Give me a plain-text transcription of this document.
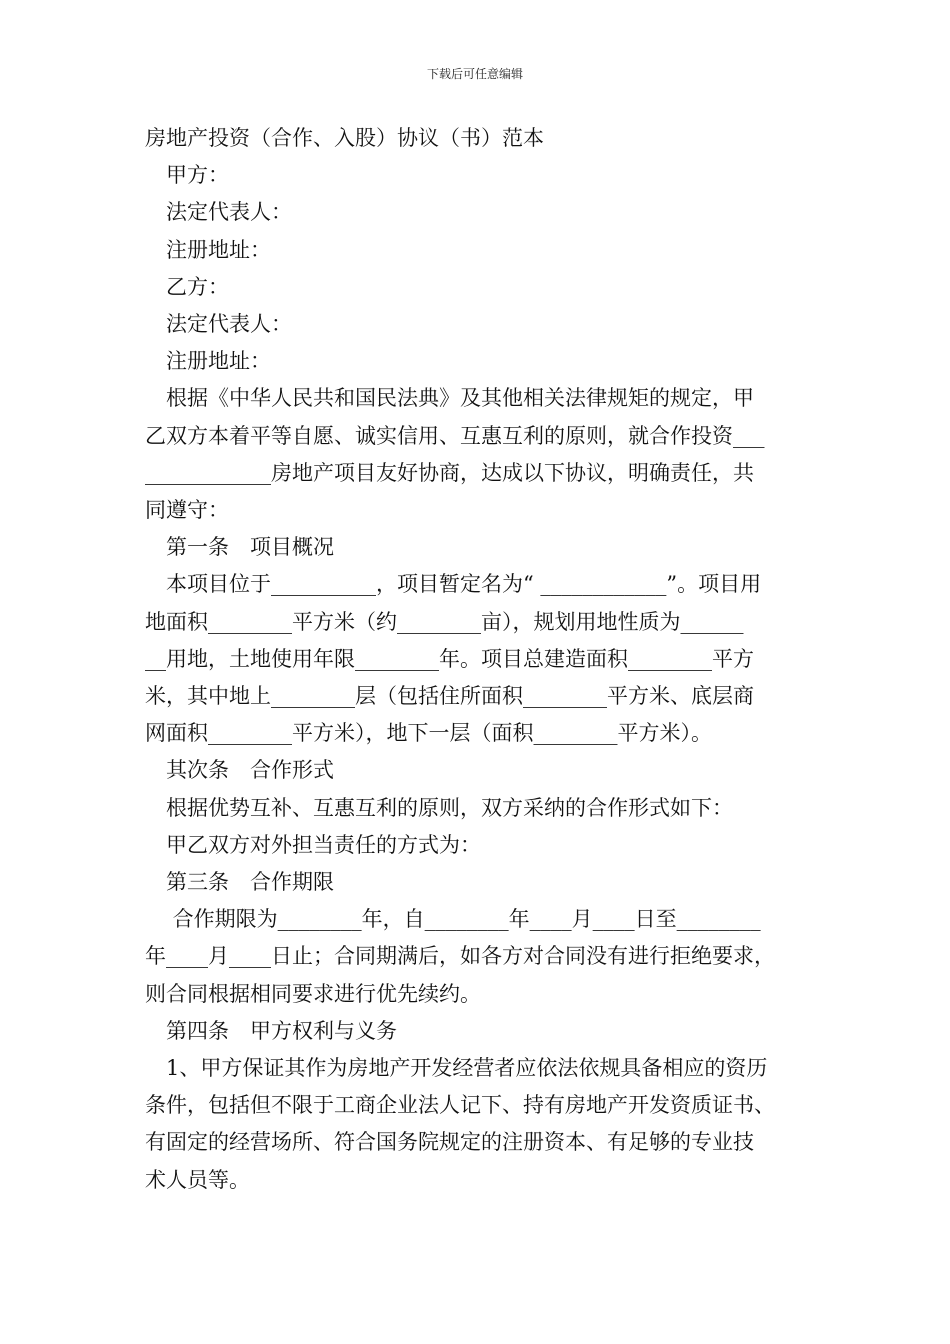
下载后可任意编辑

房地产投资（合作、入股）协议（书）范本

甲方：

法定代表人：

注册地址：

乙方：

法定代表人：

注册地址：

根据《中华人民共和国民法典》及其他相关法律规矩的规定，甲

乙双方本着平等自愿、诚实信用、互惠互利的原则，就合作投资___

____________房地产项目友好协商，达成以下协议，明确责任，共

同遵守：

第一条　项目概况

本项目位于__________，项目暂定名为“ ____________”。项目用

地面积________平方米（约________亩），规划用地性质为______

__用地，土地使用年限________年。项目总建造面积________平方

米，其中地上________层（包括住所面积________平方米、底层商

网面积________平方米），地下一层（面积________平方米）。

其次条　合作形式

根据优势互补、互惠互利的原则，双方采纳的合作形式如下：

甲乙双方对外担当责任的方式为：

第三条　合作期限

合作期限为________年，自________年____月____日至________

年____月____日止；合同期满后，如各方对合同没有进行拒绝要求，

则合同根据相同要求进行优先续约。

第四条　甲方权利与义务

1、甲方保证其作为房地产开发经营者应依法依规具备相应的资历

条件，包括但不限于工商企业法人记下、持有房地产开发资质证书、

有固定的经营场所、符合国务院规定的注册资本、有足够的专业技

术人员等。
